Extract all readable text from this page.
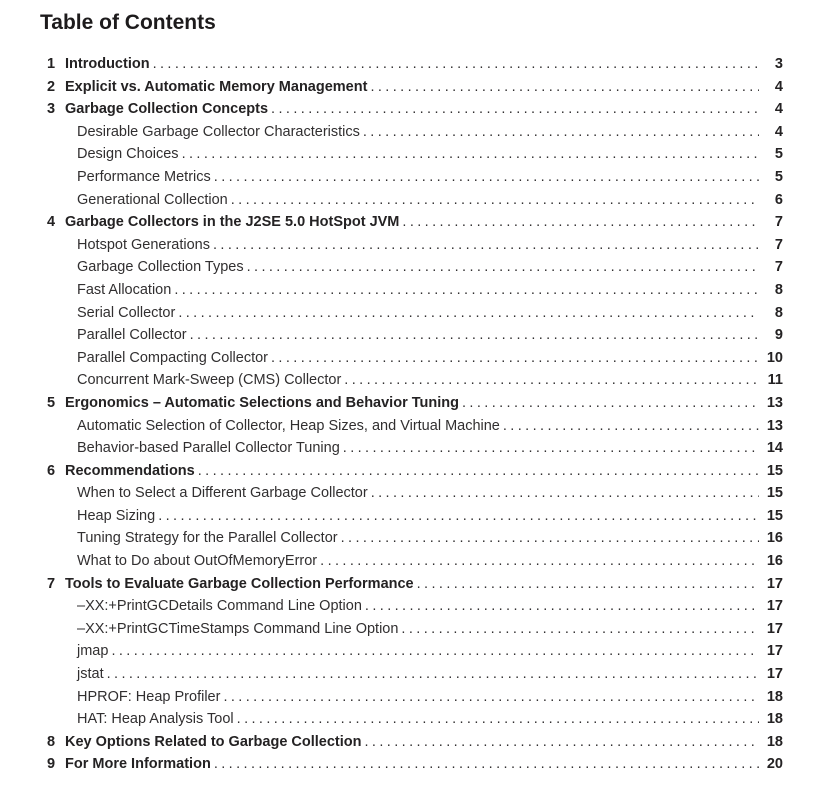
Table of Contents
1 Introduction .....	3
2 Explicit vs. Automatic Memory Management .....	4
3 Garbage Collection Concepts .....	4
Desirable Garbage Collector Characteristics .....	4
Design Choices .....	5
Performance Metrics .....	5
Generational Collection .....	6
4 Garbage Collectors in the J2SE 5.0 HotSpot JVM .....	7
Hotspot Generations .....	7
Garbage Collection Types .....	7
Fast Allocation .....	8
Serial Collector .....	8
Parallel Collector .....	9
Parallel Compacting Collector .....	10
Concurrent Mark-Sweep (CMS) Collector .....	11
5 Ergonomics – Automatic Selections and Behavior Tuning .....	13
Automatic Selection of Collector, Heap Sizes, and Virtual Machine .....	13
Behavior-based Parallel Collector Tuning .....	14
6 Recommendations .....	15
When to Select a Different Garbage Collector .....	15
Heap Sizing .....	15
Tuning Strategy for the Parallel Collector .....	16
What to Do about OutOfMemoryError .....	16
7 Tools to Evaluate Garbage Collection Performance .....	17
–XX:+PrintGCDetails Command Line Option .....	17
–XX:+PrintGCTimeStamps Command Line Option .....	17
jmap .....	17
jstat .....	17
HPROF: Heap Profiler .....	18
HAT: Heap Analysis Tool .....	18
8 Key Options Related to Garbage Collection .....	18
9 For More Information .....	20
